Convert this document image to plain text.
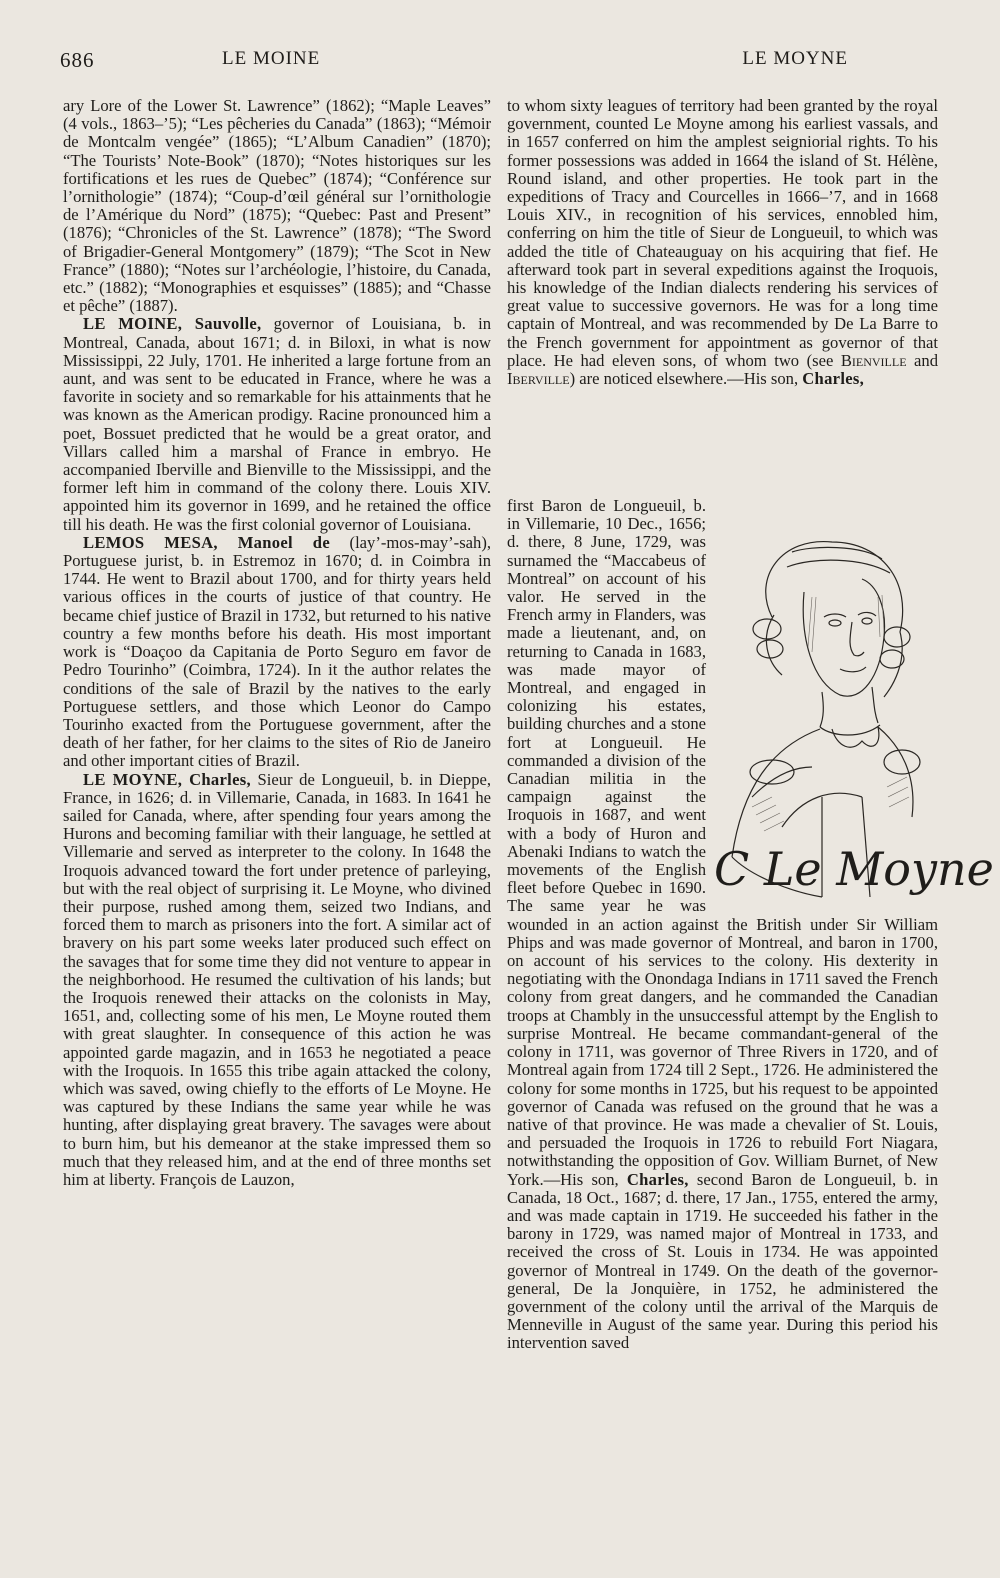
686	LE MOINE	LE MOYNE

ary Lore of the Lower St. Lawrence” (1862); “Maple Leaves” (4 vols., 1863–’5); “Les pêcheries du Canada” (1863); “Mémoir de Montcalm vengée” (1865); “L’Album Canadien” (1870); “The Tourists’ Note-Book” (1870); “Notes historiques sur les fortifications et les rues de Quebec” (1874); “Conférence sur l’ornithologie” (1874); “Coup-d’œil général sur l’ornithologie de l’Amérique du Nord” (1875); “Quebec: Past and Present” (1876); “Chronicles of the St. Lawrence” (1878); “The Sword of Brigadier-General Montgomery” (1879); “The Scot in New France” (1880); “Notes sur l’archéologie, l’histoire, du Canada, etc.” (1882); “Monographies et esquisses” (1885); and “Chasse et pêche” (1887).

LE MOINE, Sauvolle, governor of Louisiana, b. in Montreal, Canada, about 1671; d. in Biloxi, in what is now Mississippi, 22 July, 1701. He inherited a large fortune from an aunt, and was sent to be educated in France, where he was a favorite in society and so remarkable for his attainments that he was known as the American prodigy. Racine pronounced him a poet, Bossuet predicted that he would be a great orator, and Villars called him a marshal of France in embryo. He accompanied Iberville and Bienville to the Mississippi, and the former left him in command of the colony there. Louis XIV. appointed him its governor in 1699, and he retained the office till his death. He was the first colonial governor of Louisiana.

LEMOS MESA, Manoel de (lay’-mos-may’-sah), Portuguese jurist, b. in Estremoz in 1670; d. in Coimbra in 1744. He went to Brazil about 1700, and for thirty years held various offices in the courts of justice of that country. He became chief justice of Brazil in 1732, but returned to his native country a few months before his death. His most important work is “Doaçoo da Capitania de Porto Seguro em favor de Pedro Tourinho” (Coimbra, 1724). In it the author relates the conditions of the sale of Brazil by the natives to the early Portuguese settlers, and those which Leonor do Campo Tourinho exacted from the Portuguese government, after the death of her father, for her claims to the sites of Rio de Janeiro and other important cities of Brazil.

LE MOYNE, Charles, Sieur de Longueuil, b. in Dieppe, France, in 1626; d. in Villemarie, Canada, in 1683. In 1641 he sailed for Canada, where, after spending four years among the Hurons and becoming familiar with their language, he settled at Villemarie and served as interpreter to the colony. In 1648 the Iroquois advanced toward the fort under pretence of parleying, but with the real object of surprising it. Le Moyne, who divined their purpose, rushed among them, seized two Indians, and forced them to march as prisoners into the fort. A similar act of bravery on his part some weeks later produced such effect on the savages that for some time they did not venture to appear in the neighborhood. He resumed the cultivation of his lands; but the Iroquois renewed their attacks on the colonists in May, 1651, and, collecting some of his men, Le Moyne routed them with great slaughter. In consequence of this action he was appointed garde magazin, and in 1653 he negotiated a peace with the Iroquois. In 1655 this tribe again attacked the colony, which was saved, owing chiefly to the efforts of Le Moyne. He was captured by these Indians the same year while he was hunting, after displaying great bravery. The savages were about to burn him, but his demeanor at the stake impressed them so much that they released him, and at the end of three months set him at liberty. François de Lauzon,

to whom sixty leagues of territory had been granted by the royal government, counted Le Moyne among his earliest vassals, and in 1657 conferred on him the amplest seigniorial rights. To his former possessions was added in 1664 the island of St. Hélène, Round island, and other properties. He took part in the expeditions of Tracy and Courcelles in 1666–’7, and in 1668 Louis XIV., in recognition of his services, ennobled him, conferring on him the title of Sieur de Longueuil, to which was added the title of Chateauguay on his acquiring that fief. He afterward took part in several expeditions against the Iroquois, his knowledge of the Indian dialects rendering his services of great value to successive governors. He was for a long time captain of Montreal, and was recommended by De La Barre to the French government for appointment as governor of that place. He had eleven sons, of whom two (see Bienville and Iberville) are noticed elsewhere.—His son, Charles,

C Le Moyne

first Baron de Longueuil, b. in Villemarie, 10 Dec., 1656; d. there, 8 June, 1729, was surnamed the “Maccabeus of Montreal” on account of his valor. He served in the French army in Flanders, was made a lieutenant, and, on returning to Canada in 1683, was made mayor of Montreal, and engaged in colonizing his estates, building churches and a stone fort at Longueuil. He commanded a division of the Canadian militia in the campaign against the Iroquois in 1687, and went with a body of Huron and Abenaki Indians to watch the movements of the English fleet before Quebec in 1690. The same year he was wounded in an action against the British under Sir William Phips and was made governor of Montreal, and baron in 1700, on account of his services to the colony. His dexterity in negotiating with the Onondaga Indians in 1711 saved the French colony from great dangers, and he commanded the Canadian troops at Chambly in the unsuccessful attempt by the English to surprise Montreal. He became commandant-general of the colony in 1711, was governor of Three Rivers in 1720, and of Montreal again from 1724 till 2 Sept., 1726. He administered the colony for some months in 1725, but his request to be appointed governor of Canada was refused on the ground that he was a native of that province. He was made a chevalier of St. Louis, and persuaded the Iroquois in 1726 to rebuild Fort Niagara, notwithstanding the opposition of Gov. William Burnet, of New York.—His son, Charles, second Baron de Longueuil, b. in Canada, 18 Oct., 1687; d. there, 17 Jan., 1755, entered the army, and was made captain in 1719. He succeeded his father in the barony in 1729, was named major of Montreal in 1733, and received the cross of St. Louis in 1734. He was appointed governor of Montreal in 1749. On the death of the governor-general, De la Jonquière, in 1752, he administered the government of the colony until the arrival of the Marquis de Menneville in August of the same year. During this period his intervention saved
